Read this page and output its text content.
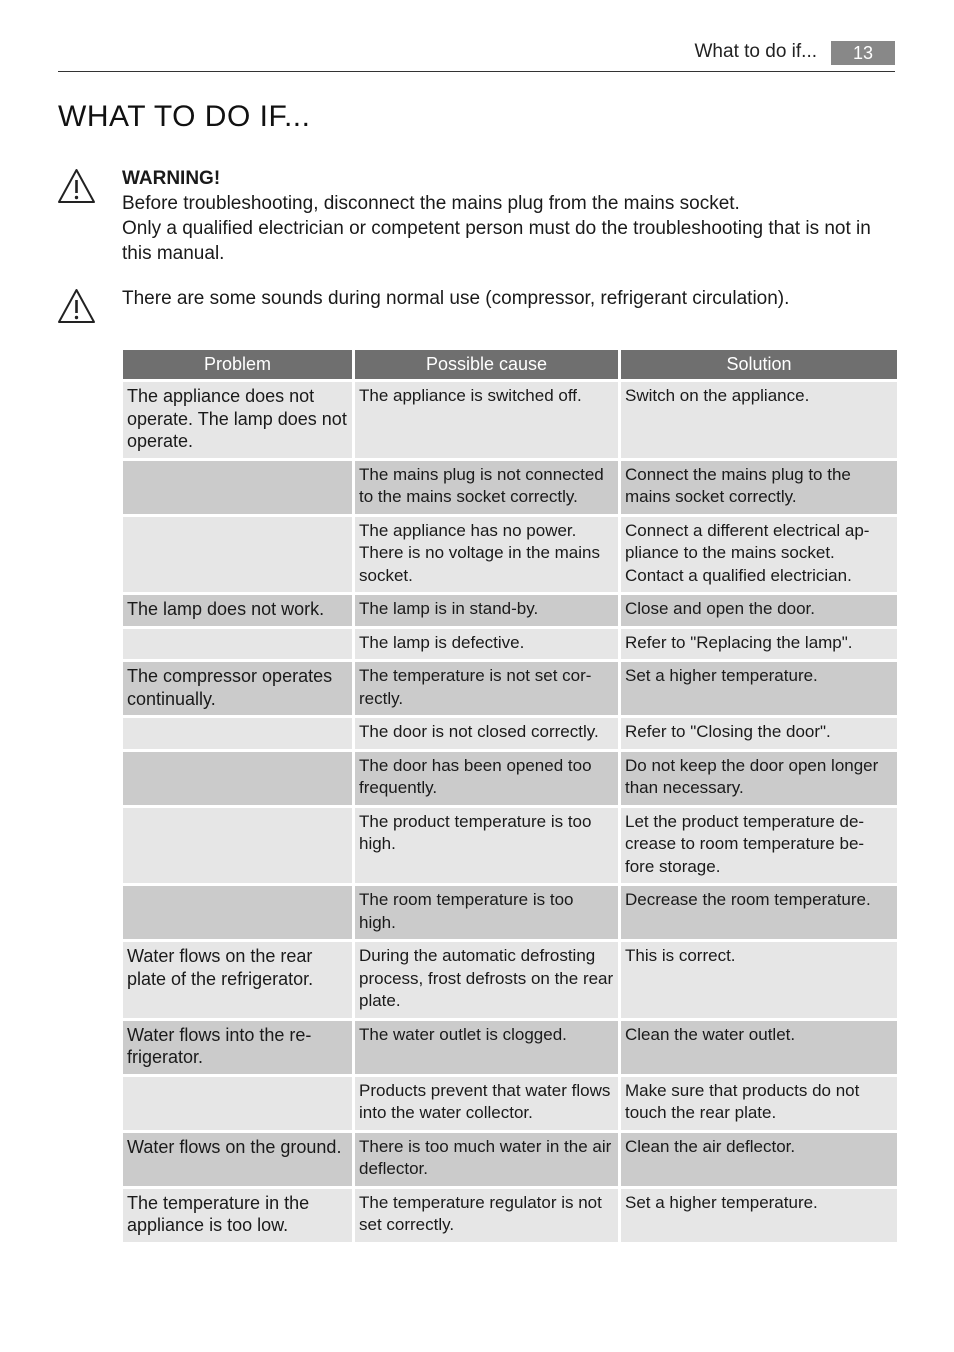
What to do if...	13
WHAT TO DO IF...
WARNING!
Before troubleshooting, disconnect the mains plug from the mains socket.
Only a qualified electrician or competent person must do the troubleshooting that is not in this manual.
There are some sounds during normal use (compressor, refrigerant circulation).
Problem	Possible cause	Solution
The appliance does not operate. The lamp does not operate.	The appliance is switched off.	Switch on the appliance.
	The mains plug is not connected to the mains socket correctly.	Connect the mains plug to the mains socket correctly.
	The appliance has no power. There is no voltage in the mains socket.	Connect a different electrical ap-pliance to the mains socket. Contact a qualified electrician.
The lamp does not work.	The lamp is in stand-by.	Close and open the door.
	The lamp is defective.	Refer to "Replacing the lamp".
The compressor operates continually.	The temperature is not set cor-rectly.	Set a higher temperature.
	The door is not closed correctly.	Refer to "Closing the door".
	The door has been opened too frequently.	Do not keep the door open longer than necessary.
	The product temperature is too high.	Let the product temperature de-crease to room temperature be-fore storage.
	The room temperature is too high.	Decrease the room temperature.
Water flows on the rear plate of the refrigerator.	During the automatic defrosting process, frost defrosts on the rear plate.	This is correct.
Water flows into the re-frigerator.	The water outlet is clogged.	Clean the water outlet.
	Products prevent that water flows into the water collector.	Make sure that products do not touch the rear plate.
Water flows on the ground.	There is too much water in the air deflector.	Clean the air deflector.
The temperature in the appliance is too low.	The temperature regulator is not set correctly.	Set a higher temperature.
